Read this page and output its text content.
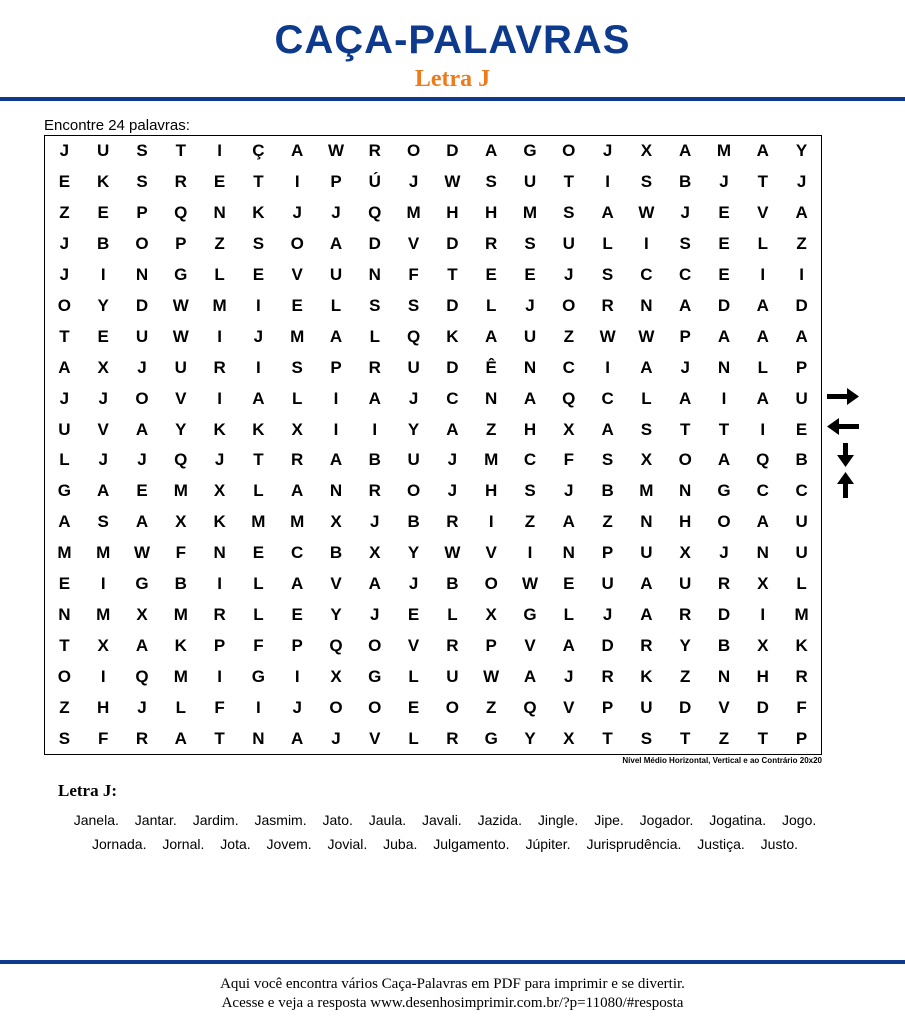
CAÇA-PALAVRAS
Letra J
Encontre 24 palavras:
J	U	S	T	I	Ç	A	W	R	O	D	A	G	O	J	X	A	M	A	Y
E	K	S	R	E	T	I	P	Ú	J	W	S	U	T	I	S	B	J	T	J
Z	E	P	Q	N	K	J	J	Q	M	H	H	M	S	A	W	J	E	V	A
J	B	O	P	Z	S	O	A	D	V	D	R	S	U	L	I	S	E	L	Z
J	I	N	G	L	E	V	U	N	F	T	E	E	J	S	C	C	E	I	I
O	Y	D	W	M	I	E	L	S	S	D	L	J	O	R	N	A	D	A	D
T	E	U	W	I	J	M	A	L	Q	K	A	U	Z	W	W	P	A	A	A
A	X	J	U	R	I	S	P	R	U	D	Ê	N	C	I	A	J	N	L	P
J	J	O	V	I	A	L	I	A	J	C	N	A	Q	C	L	A	I	A	U
U	V	A	Y	K	K	X	I	I	Y	A	Z	H	X	A	S	T	T	I	E
L	J	J	Q	J	T	R	A	B	U	J	M	C	F	S	X	O	A	Q	B
G	A	E	M	X	L	A	N	R	O	J	H	S	J	B	M	N	G	C	C
A	S	A	X	K	M	M	X	J	B	R	I	Z	A	Z	N	H	O	A	U
M	M	W	F	N	E	C	B	X	Y	W	V	I	N	P	U	X	J	N	U
E	I	G	B	I	L	A	V	A	J	B	O	W	E	U	A	U	R	X	L
N	M	X	M	R	L	E	Y	J	E	L	X	G	L	J	A	R	D	I	M
T	X	A	K	P	F	P	Q	O	V	R	P	V	A	D	R	Y	B	X	K
O	I	Q	M	I	G	I	X	G	L	U	W	A	J	R	K	Z	N	H	R
Z	H	J	L	F	I	J	O	O	E	O	Z	Q	V	P	U	D	V	D	F
S	F	R	A	T	N	A	J	V	L	R	G	Y	X	T	S	T	Z	T	P
Nível Médio Horizontal, Vertical e ao Contrário 20x20
Letra J:
Janela. Jantar. Jardim. Jasmim. Jato. Jaula. Javali. Jazida. Jingle. Jipe. Jogador. Jogatina. Jogo. Jornada. Jornal. Jota. Jovem. Jovial. Juba. Julgamento. Júpiter. Jurisprudência. Justiça. Justo.
Aqui você encontra vários Caça-Palavras em PDF para imprimir e se divertir.
Acesse e veja a resposta www.desenhosimprimir.com.br/?p=11080/#resposta
